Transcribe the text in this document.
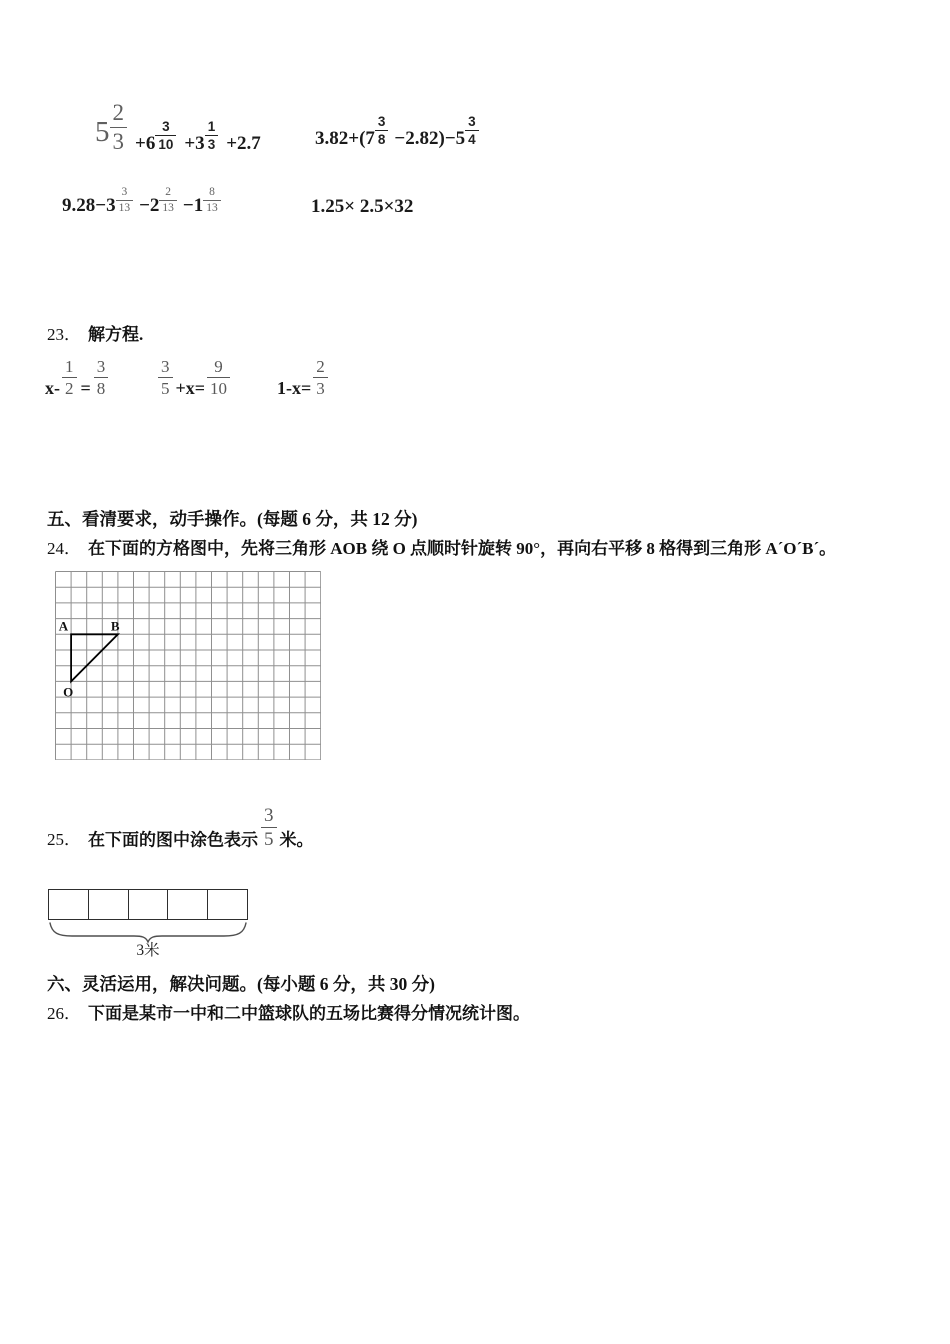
$5 \frac{2}{3} +6 \frac{3}{10} +3 \frac{1}{3} +2.7$	$3.82+(7 \frac{3}{8} -2.82)-5 \frac{3}{4}$
$9.28-3 \frac{3}{13} -2 \frac{2}{13} -1 \frac{8}{13}$	1.25× 2.5×32
23． 解方程.
$x- \frac{1}{2} = \frac{3}{8}$	$\frac{3}{5} +x= \frac{9}{10}$	$1-x= \frac{2}{3}$
五、看清要求，动手操作。(每题 6 分，共 12 分)
24． 在下面的方格图中，先将三角形 AOB 绕 O 点顺时针旋转 90°，再向右平移 8 格得到三角形 A´O´B´。
A	B
O
25． 在下面的图中涂色表示 $\frac{3}{5}$ 米。
3米
六、灵活运用，解决问题。(每小题 6 分，共 30 分)
26． 下面是某市一中和二中篮球队的五场比赛得分情况统计图。
